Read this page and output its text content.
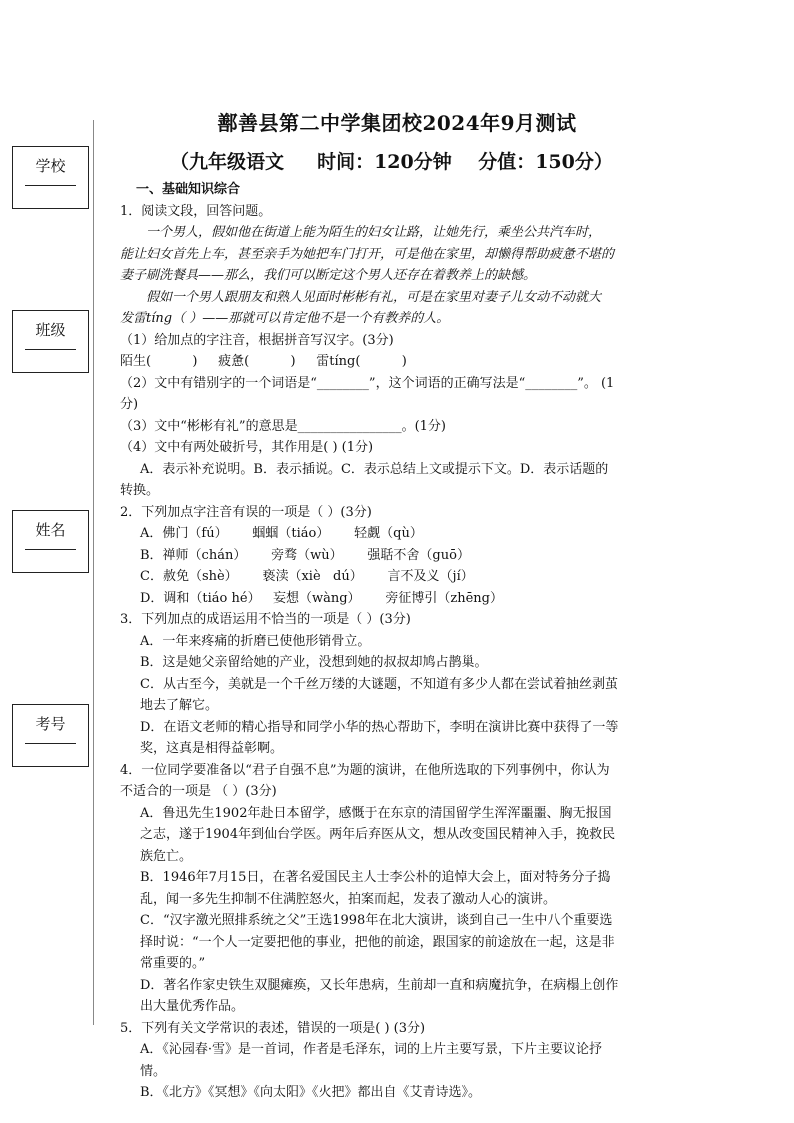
学校
班级
姓名
考号
鄯善县第二中学集团校2024年9月测试
（九年级语文     时间：120分钟    分值：150分）

一、基础知识综合

1．阅读文段，回答问题。

一个男人，假如他在街道上能为陌生的妇女让路，让她先行，乘坐公共汽车时，

能让妇女首先上车，甚至亲手为她把车门打开，可是他在家里，却懒得帮助疲惫不堪的

妻子刷洗餐具——那么，我们可以断定这个男人还存在着教养上的缺憾。

假如一个男人跟朋友和熟人见面时彬彬有礼，可是在家里对妻子儿女动不动就大

发雷tíng（ ）——那就可以肯定他不是一个有教养的人。

（1）给加点的字注音，根据拼音写汉字。(3分)

陌生(          )     疲惫(          )     雷tíng(          )

（2）文中有错别字的一个词语是“________”，这个词语的正确写法是“________”。 (1

分)

（3）文中“彬彬有礼”的意思是________________。(1分)

（4）文中有两处破折号，其作用是( ) (1分)

A．表示补充说明。B．表示插说。C．表示总结上文或提示下文。D．表示话题的

转换。

2．下列加点字注音有误的一项是（ ）(3分)

A．佛门（fú）      蝈蝈（tiáo）      轻觑（qù）

B．禅师（chán）      旁骛（wù）      强聒不舍（guō）

C．赦免（shè）      亵渎（xiè   dú）      言不及义（jí）

D．调和（tiáo hé）   妄想（wàng）      旁征博引（zhēng）

3．下列加点的成语运用不恰当的一项是（ ）(3分)

A．一年来疼痛的折磨已使他形销骨立。

B．这是她父亲留给她的产业，没想到她的叔叔却鸠占鹊巢。

C．从古至今，美就是一个千丝万缕的大谜题，不知道有多少人都在尝试着抽丝剥茧

地去了解它。

D．在语文老师的精心指导和同学小华的热心帮助下，李明在演讲比赛中获得了一等

奖，这真是相得益彰啊。

4．一位同学要准备以“君子自强不息”为题的演讲，在他所选取的下列事例中，你认为

不适合的一项是 （ ）(3分)

A．鲁迅先生1902年赴日本留学，感慨于在东京的清国留学生浑浑噩噩、胸无报国

之志，遂于1904年到仙台学医。两年后弃医从文，想从改变国民精神入手，挽救民

族危亡。

B．1946年7月15日，在著名爱国民主人士李公朴的追悼大会上，面对特务分子捣

乱，闻一多先生抑制不住满腔怒火，拍案而起，发表了激动人心的演讲。

C．“汉字激光照排系统之父”王选1998年在北大演讲，谈到自己一生中八个重要选

择时说：“一个人一定要把他的事业，把他的前途，跟国家的前途放在一起，这是非

常重要的。”

D．著名作家史铁生双腿瘫痪，又长年患病，生前却一直和病魔抗争，在病榻上创作

出大量优秀作品。

5．下列有关文学常识的表述，错误的一项是( ) (3分)

A．《沁园春·雪》是一首词，作者是毛泽东，词的上片主要写景，下片主要议论抒

情。

B．《北方》《冥想》《向太阳》《火把》都出自《艾青诗选》。
